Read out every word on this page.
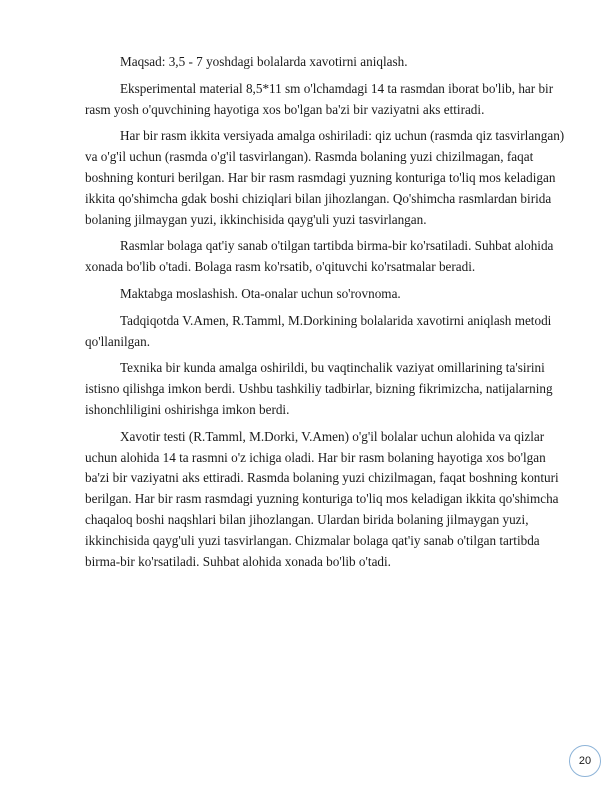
Maqsad: 3,5 - 7 yoshdagi bolalarda xavotirni aniqlash.

Eksperimental material 8,5*11 sm o'lchamdagi 14 ta rasmdan iborat bo'lib, har bir rasm yosh o'quvchining hayotiga xos bo'lgan ba'zi bir vaziyatni aks ettiradi.

Har bir rasm ikkita versiyada amalga oshiriladi: qiz uchun (rasmda qiz tasvirlangan) va o'g'il uchun (rasmda o'g'il tasvirlangan). Rasmda bolaning yuzi chizilmagan, faqat boshning konturi berilgan. Har bir rasm rasmdagi yuzning konturiga to'liq mos keladigan ikkita qo'shimcha gdak boshi chiziqlari bilan jihozlangan. Qo'shimcha rasmlardan birida bolaning jilmaygan yuzi, ikkinchisida qayg'uli yuzi tasvirlangan.

Rasmlar bolaga qat'iy sanab o'tilgan tartibda birma-bir ko'rsatiladi. Suhbat alohida xonada bo'lib o'tadi. Bolaga rasm ko'rsatib, o'qituvchi ko'rsatmalar beradi.

Maktabga moslashish. Ota-onalar uchun so'rovnoma.

Tadqiqotda V.Amen, R.Tamml, M.Dorkining bolalarida xavotirni aniqlash metodi qo'llanilgan.

Texnika bir kunda amalga oshirildi, bu vaqtinchalik vaziyat omillarining ta'sirini istisno qilishga imkon berdi. Ushbu tashkiliy tadbirlar, bizning fikrimizcha, natijalarning ishonchliligini oshirishga imkon berdi.

Xavotir testi (R.Tamml, M.Dorki, V.Amen) o'g'il bolalar uchun alohida va qizlar uchun alohida 14 ta rasmni o'z ichiga oladi. Har bir rasm bolaning hayotiga xos bo'lgan ba'zi bir vaziyatni aks ettiradi. Rasmda bolaning yuzi chizilmagan, faqat boshning konturi berilgan. Har bir rasm rasmdagi yuzning konturiga to'liq mos keladigan ikkita qo'shimcha chaqaloq boshi naqshlari bilan jihozlangan. Ulardan birida bolaning jilmaygan yuzi, ikkinchisida qayg'uli yuzi tasvirlangan. Chizmalar bolaga qat'iy sanab o'tilgan tartibda birma-bir ko'rsatiladi. Suhbat alohida xonada bo'lib o'tadi.

20
